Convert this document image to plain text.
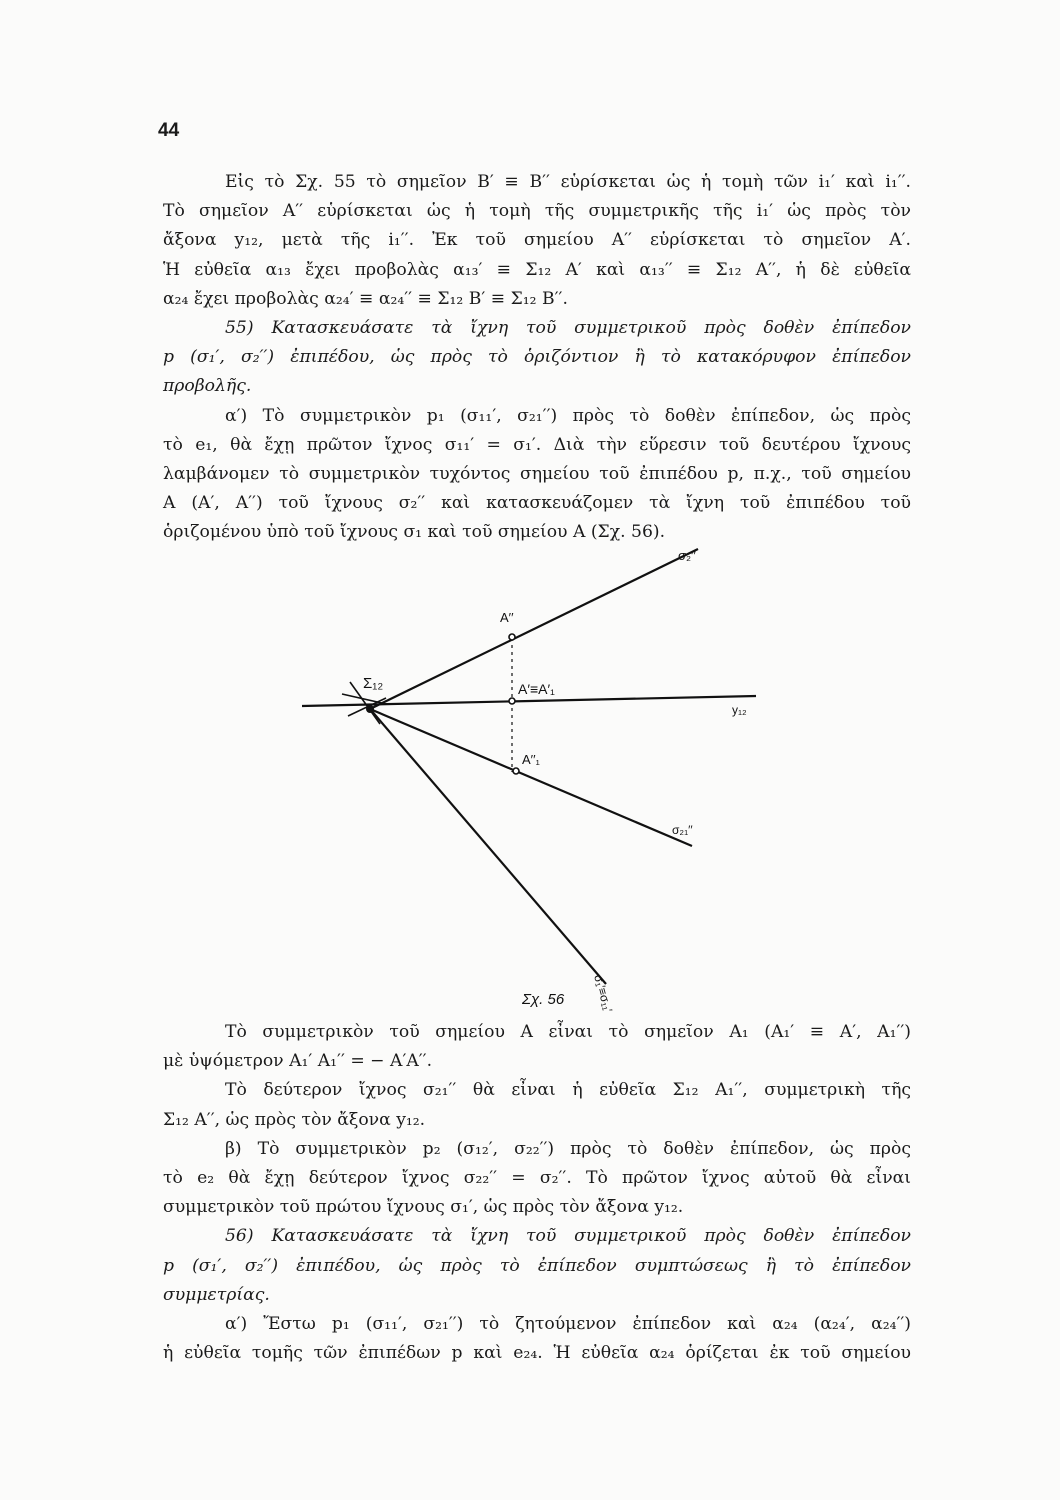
44
Εἰς τὸ Σχ. 55 τὸ σημεῖον Β′ ≡ Β′′ εὑρίσκεται ὡς ἡ τομὴ τῶν i₁′ καὶ i₁′′.
Τὸ σημεῖον Α′′ εὑρίσκεται ὡς ἡ τομὴ τῆς συμμετρικῆς τῆς i₁′ ὡς πρὸς τὸν
ἄξονα y₁₂, μετὰ τῆς i₁′′. Ἐκ τοῦ σημείου Α′′ εὑρίσκεται τὸ σημεῖον Α′.
Ἡ εὐθεῖα α₁₃ ἔχει προβολὰς α₁₃′ ≡ Σ₁₂ Α′ καὶ α₁₃′′ ≡ Σ₁₂ Α′′, ἡ δὲ εὐθεῖα
α₂₄ ἔχει προβολὰς α₂₄′ ≡ α₂₄′′ ≡ Σ₁₂ Β′ ≡ Σ₁₂ Β′′.
55) Κατασκευάσατε τὰ ἴχνη τοῦ συμμετρικοῦ πρὸς δοθὲν ἐπίπεδον
p (σ₁′, σ₂′′) ἐπιπέδου, ὡς πρὸς τὸ ὁριζόντιον ἢ τὸ κατακόρυφον ἐπίπεδον
προβολῆς.
α′) Τὸ συμμετρικὸν p₁ (σ₁₁′, σ₂₁′′) πρὸς τὸ δοθὲν ἐπίπεδον, ὡς πρὸς
τὸ e₁, θὰ ἔχῃ πρῶτον ἴχνος σ₁₁′ = σ₁′. Διὰ τὴν εὕρεσιν τοῦ δευτέρου ἴχνους
λαμβάνομεν τὸ συμμετρικὸν τυχόντος σημείου τοῦ ἐπιπέδου p, π.χ., τοῦ σημείου
Α (Α′, Α′′) τοῦ ἴχνους σ₂′′ καὶ κατασκευάζομεν τὰ ἴχνη τοῦ ἐπιπέδου τοῦ
ὁριζομένου ὑπὸ τοῦ ἴχνους σ₁ καὶ τοῦ σημείου Α (Σχ. 56).
σ₂′′
Α′′
Α′≡Α′₁
Σ₁₂
y₁₂
Α′′₁
σ₂₁′′
σ₁′≡σ₁₁′
Σχ. 56
Τὸ συμμετρικὸν τοῦ σημείου Α εἶναι τὸ σημεῖον Α₁ (Α₁′ ≡ Α′, Α₁′′)
μὲ ὑψόμετρον Α₁′ Α₁′′ = − Α′Α′′.
Τὸ δεύτερον ἴχνος σ₂₁′′ θὰ εἶναι ἡ εὐθεῖα Σ₁₂ Α₁′′, συμμετρικὴ τῆς
Σ₁₂ Α′′, ὡς πρὸς τὸν ἄξονα y₁₂.
β) Τὸ συμμετρικὸν p₂ (σ₁₂′, σ₂₂′′) πρὸς τὸ δοθὲν ἐπίπεδον, ὡς πρὸς
τὸ e₂ θὰ ἔχῃ δεύτερον ἴχνος σ₂₂′′ = σ₂′′. Τὸ πρῶτον ἴχνος αὐτοῦ θὰ εἶναι
συμμετρικὸν τοῦ πρώτου ἴχνους σ₁′, ὡς πρὸς τὸν ἄξονα y₁₂.
56) Κατασκευάσατε τὰ ἴχνη τοῦ συμμετρικοῦ πρὸς δοθὲν ἐπίπεδον
p (σ₁′, σ₂′′) ἐπιπέδου, ὡς πρὸς τὸ ἐπίπεδον συμπτώσεως ἢ τὸ ἐπίπεδον
συμμετρίας.
α′) Ἔστω p₁ (σ₁₁′, σ₂₁′′) τὸ ζητούμενον ἐπίπεδον καὶ α₂₄ (α₂₄′, α₂₄′′)
ἡ εὐθεῖα τομῆς τῶν ἐπιπέδων p καὶ e₂₄. Ἡ εὐθεῖα α₂₄ ὁρίζεται ἐκ τοῦ σημείου
